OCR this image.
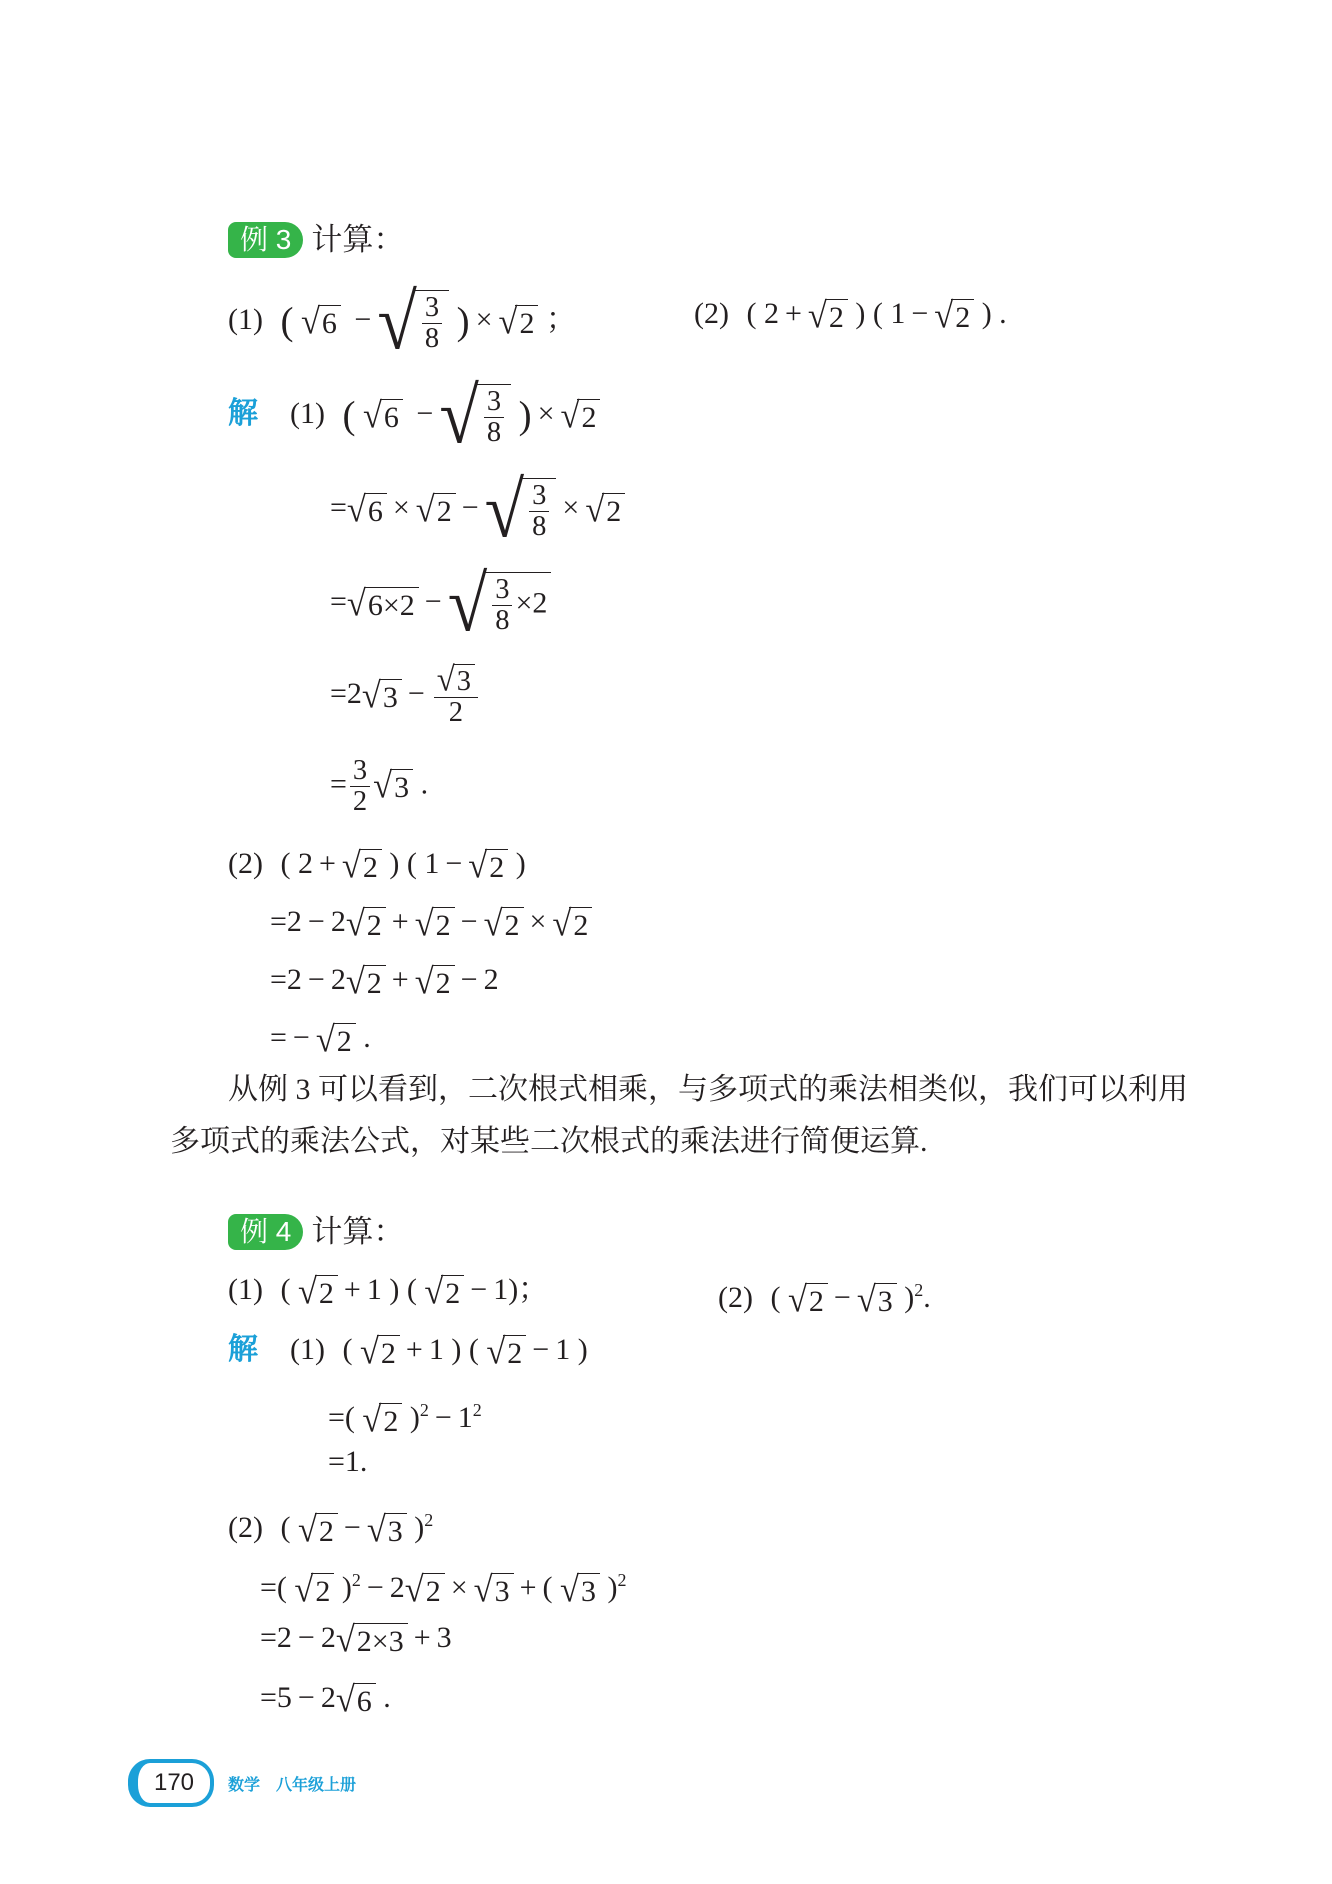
例 3 计算：
(1) ( √6 −√ $\frac{3}{8}$ ) × √2 ；	(2) ( 2 + √2 ) ( 1 − √2 ) .
解 (1) ( √6 −√ $\frac{3}{8}$ ) × √2
=√6 × √2 −√ $\frac{3}{8} \times √2$
=√6×2 −√ $\frac{3}{8} \times 2$
$=2√3 - \frac{√3}{2}$
= $\frac{3}{2} √3$ .
(2) ( 2 + √2 ) ( 1 − √2 )
=2 − 2√2 + √2 − √2 × √2
=2 − 2√2 + √2 − 2
= − √2 .
从例 3 可以看到，二次根式相乘，与多项式的乘法相类似，我们可以利用
多项式的乘法公式，对某些二次根式的乘法进行简便运算.
例 4 计算：
(1) ( √2 + 1 ) ( √2 − 1)；	(2) ( √2 − √3 )$^2$.
解 (1) ( √2 + 1 ) ( √2 − 1 )
=( √2 )$^2 - 1^2$
=1.
(2) ( √2 − √3 )$^2$
=( √2 )$^2$ − 2√2 × √3 + ( √3 )$^2$
=2 − 2√2×3 + 3
=5 − 2√6 .
170	数学　八年级上册
